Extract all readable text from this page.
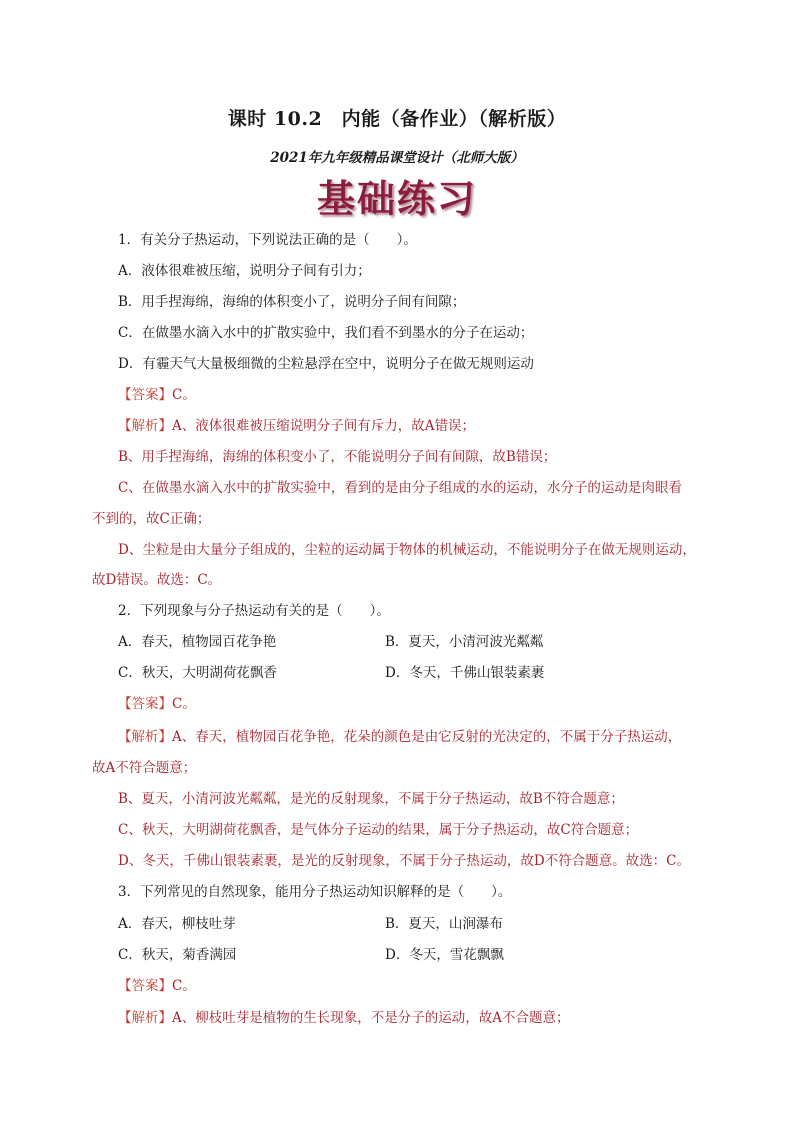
课时 10.2　内能（备作业）（解析版）
2021年九年级精品课堂设计（北师大版）
基础练习
1．有关分子热运动，下列说法正确的是（　　）。
A．液体很难被压缩，说明分子间有引力；
B．用手捏海绵，海绵的体积变小了，说明分子间有间隙；
C．在做墨水滴入水中的扩散实验中，我们看不到墨水的分子在运动；
D．有霾天气大量极细微的尘粒悬浮在空中，说明分子在做无规则运动
【答案】C。
【解析】A、液体很难被压缩说明分子间有斥力，故A错误；
B、用手捏海绵，海绵的体积变小了，不能说明分子间有间隙，故B错误；
C、在做墨水滴入水中的扩散实验中，看到的是由分子组成的水的运动，水分子的运动是肉眼看
不到的，故C正确；
D、尘粒是由大量分子组成的，尘粒的运动属于物体的机械运动，不能说明分子在做无规则运动，
故D错误。故选：C。
2．下列现象与分子热运动有关的是（　　）。
A．春天，植物园百花争艳	B．夏天，小清河波光粼粼
C．秋天，大明湖荷花飘香	D．冬天，千佛山银装素裹
【答案】C。
【解析】A、春天，植物园百花争艳，花朵的颜色是由它反射的光决定的，不属于分子热运动，
故A不符合题意；
B、夏天，小清河波光粼粼，是光的反射现象，不属于分子热运动，故B不符合题意；
C、秋天，大明湖荷花飘香，是气体分子运动的结果，属于分子热运动，故C符合题意；
D、冬天，千佛山银装素裹，是光的反射现象，不属于分子热运动，故D不符合题意。故选：C。
3．下列常见的自然现象，能用分子热运动知识解释的是（　　）。
A．春天，柳枝吐芽	B．夏天，山涧瀑布
C．秋天，菊香满园	D．冬天，雪花飘飘
【答案】C。
【解析】A、柳枝吐芽是植物的生长现象，不是分子的运动，故A不合题意；
